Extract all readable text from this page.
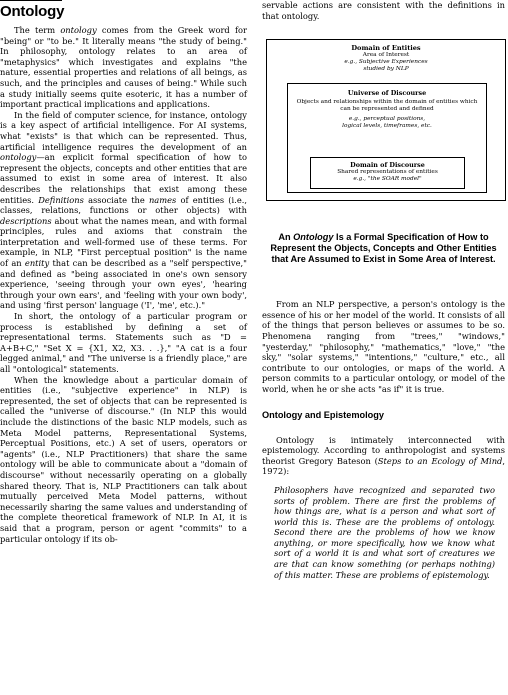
Ontology

The term ontology comes from the Greek word for "being" or "to be." It literally means "the study of being." In philosophy, ontology relates to an area of "metaphysics" which investigates and explains "the nature, essential properties and relations of all beings, as such, and the principles and causes of being." While such a study initially seems quite esoteric, it has a number of important practical implications and applications.

In the field of computer science, for instance, ontology is a key aspect of artificial intelligence. For AI systems, what "exists" is that which can be represented. Thus, artificial intelligence requires the development of an ontology—an explicit formal specification of how to represent the objects, concepts and other entities that are assumed to exist in some area of interest. It also describes the relationships that exist among these entities. Definitions associate the names of entities (i.e., classes, relations, functions or other objects) with descriptions about what the names mean, and with formal principles, rules and axioms that constrain the interpretation and well-formed use of these terms. For example, in NLP, "First perceptual position" is the name of an entity that can be described as a "self perspective," and defined as "being associated in one's own sensory experience, 'seeing through your own eyes', 'hearing through your own ears', and 'feeling with your own body', and using 'first person' language ('I', 'me', etc.)."

In short, the ontology of a particular program or process is established by defining a set of representational terms. Statements such as "D = A+B+C," "Set X = {X1, X2, X3. . .}," "A cat is a four legged animal," and "The universe is a friendly place," are all "ontological" statements.

When the knowledge about a particular domain of entities (i.e., "subjective experience" in NLP) is represented, the set of objects that can be represented is called the "universe of discourse." (In NLP this would include the distinctions of the basic NLP models, such as Meta Model patterns, Representational Systems, Perceptual Positions, etc.) A set of users, operators or "agents" (i.e., NLP Practitioners) that share the same ontology will be able to communicate about a "domain of discourse" without necessarily operating on a globally shared theory. That is, NLP Practitioners can talk about mutually perceived Meta Model patterns, without necessarily sharing the same values and understanding of the complete theoretical framework of NLP. In AI, it is said that a program, person or agent "commits" to a particular ontology if its ob-

servable actions are consistent with the definitions in that ontology.

Domain of Entities
Area of Interest
e.g., Subjective Experiences studied by NLP
Universe of Discourse
Objects and relationships within the domain of entities which can be represented and defined
e.g., perceptual positions,
logical levels, timeframes, etc.
Domain of Discourse
Shared representations of entities
e.g., "the SOAR model"
An Ontology Is a Formal Specification of How to Represent the Objects, Concepts and Other Entities that Are Assumed to Exist in Some Area of Interest.

From an NLP perspective, a person's ontology is the essence of his or her model of the world. It consists of all of the things that person believes or assumes to be so. Phenomena ranging from "trees," "windows," "yesterday," "philosophy," "mathematics," "love," "the sky," "solar systems," "intentions," "culture," etc., all contribute to our ontologies, or maps of the world. A person commits to a particular ontology, or model of the world, when he or she acts "as if" it is true.

Ontology and Epistemology

Ontology is intimately interconnected with epistemology. According to anthropologist and systems theorist Gregory Bateson (Steps to an Ecology of Mind, 1972):

Philosophers have recognized and separated two sorts of problem. There are first the problems of how things are, what is a person and what sort of world this is. These are the problems of ontology. Second there are the problems of how we know anything, or more specifically, how we know what sort of a world it is and what sort of creatures we are that can know something (or perhaps nothing) of this matter. These are problems of epistemology.
